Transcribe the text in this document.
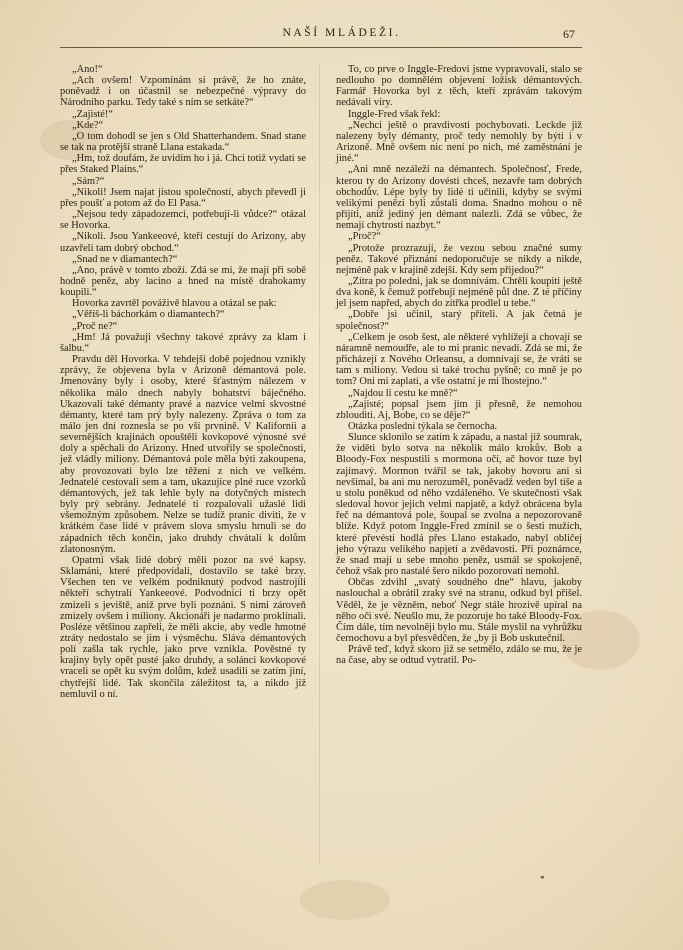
NAŠÍ MLÁDEŽI.	67

„Ano!“

„Ach ovšem! Vzpomínám si právě, že ho znáte, poněvadž i on účastnil se nebezpečné výpravy do Národního parku. Tedy také s ním se setkáte?“

„Zajisté!“

„Kde?“

„O tom dohodl se jen s Old Shatterhandem. Snad stane se tak na protější straně Llana estakada.“

„Hm, tož doufám, že uvidím ho i já. Chci totiž vydati se přes Staked Plains.“

„Sám?“

„Nikoli! Jsem najat jistou společností, abych převedl ji přes poušť a potom až do El Pasa.“

„Nejsou tedy západozemci, potřebují-li vůdce?“ otázal se Hovorka.

„Nikoli. Jsou Yankeeové, kteří cestují do Arizony, aby uzavřeli tam dobrý obchod.“

„Snad ne v diamantech?“

„Ano, právě v tomto zboží. Zdá se mi, že mají při sobě hodně peněz, aby lacino a hned na místě drahokamy koupili.“

Hovorka zavrtěl pováživě hlavou a otázal se pak:

„Věříš-li báchorkám o diamantech?“

„Proč ne?“

„Hm! Já považuji všechny takové zprávy za klam i šalbu.“

Pravdu děl Hovorka. V tehdejší době pojednou vznikly zprávy, že objevena byla v Arizoně démantová pole. Jmenovány byly i osoby, které šťastným nálezem v několika málo dnech nabyly bohatství báječného. Ukazovali také démanty pravé a nazvíce velmi skvostné démanty, které tam prý byly nalezeny. Zpráva o tom za málo jen dní roznesla se po vší prvnině. V Kalifornii a severnějších krajinách opouštěli kovkopové výnosné své doly a spěchali do Arizony. Hned utvořily se společnosti, jež vládly miliony. Démantová pole měla býti zakoupena, aby provozovati bylo lze těžení z nich ve velkém. Jednatelé cestovali sem a tam, ukazujíce plné ruce vzorků démantových, jež tak lehle byly na dotyčných místech byly prý sebrány. Jednatelé ti rozpalovali užaslé lidi všemožným způsobem. Nelze se tudíž pranic diviti, že v krátkém čase lidé v právem slova smyslu hrnuli se do západních těch končin, jako druhdy chvátali k dolům zlatonosným.

Opatrní však lidé dobrý měli pozor na své kapsy. Sklamáni, které předpovídali, dostavilo se také brzy. Všechen ten ve velkém podniknutý podvod nastrojili někteří schytralí Yankeeové. Podvodníci ti brzy opět zmizeli s jeviště, aniž prve byli poznáni. S nimi zároveň zmizely ovšem i miliony. Akcionáři je nadarmo proklínali. Posléze většinou zapřeli, že měli akcie, aby vedle hmotné ztráty nedostalo se jim i výsměchu. Sláva démantových polí zašla tak rychle, jako prve vznikla. Pověstné ty krajiny byly opět pusté jako druhdy, a solánci kovkopové vraceli se opět ku svým dolům, kdež usadili se zatím jiní, chytřejší lidé. Tak skončila záležitost ta, a nikdo již nemluvil o ní.

To, co prve o Inggle-Fredovi jsme vypravovali, stalo se nedlouho po domnělém objevení ložisk démantových. Farmář Hovorka byl z těch, kteří zprávám takovým nedávali víry.

Inggle-Fred však řekl:

„Nechci ještě o pravdivosti pochybovati. Leckde již nalezeny byly démanty, proč tedy nemohly by býti i v Arizoně. Mně ovšem nic není po nich, mé zaměstnání je jiné.“

„Ani mně nezáleží na démantech. Společnosť, Frede, kterou ty do Arizony dovésti chceš, nezavře tam dobrých obchodův. Lépe byly by lidé ti učinili, kdyby se svými velikými penězi byli zůstali doma. Snadno mohou o ně přijíti, aniž jediný jen démant nalezli. Zdá se vůbec, že nemají chytrosti nazbyt.“

„Proč?“

„Protože prozrazují, že vezou sebou značné sumy peněz. Takové přiznání nedoporučuje se nikdy a nikde, nejméně pak v krajině zdejší. Kdy sem přijedou?“

„Zítra po poledni, jak se domnívám. Chtěli koupiti ještě dva koně, k čemuž potřebují nejméně půl dne. Z té příčiny jel jsem napřed, abych do zítřka prodlel u tebe.“

„Dobře jsi učinil, starý příteli. A jak četná je společnost?“

„Celkem je osob šest, ale některé vyhlížejí a chovají se náramně nemoudře, ale to mi pranic nevadí. Zdá se mi, že přicházejí z Nového Orleansu, a domnívají se, že vrátí se tam s miliony. Vedou si také trochu pyšně; co mně je po tom? Oni mi zaplatí, a vše ostatní je mi lhostejno.“

„Najdou li cestu ke mně?“

„Zajisté; popsal jsem jim ji přesně, že nemohou zblouditi. Aj, Bobe, co se děje?“

Otázka poslední týkala se černocha.

Slunce sklonilo se zatím k západu, a nastal již soumrak, že viděti bylo sotva na několik málo krokův. Bob a Bloody-Fox nespustili s mormona očí, ač hovor tuze byl zajímavý. Mormon tvářil se tak, jakoby hovoru ani si nevšímal, ba ani mu nerozuměl, poněvadž veden byl tiše a u stolu poněkud od něho vzdáleného. Ve skutečnosti však sledoval hovor jejich velmi napjatě, a když obrácena byla řeč na démantová pole, šoupal se zvolna a nepozorovaně blíže. Když potom Inggle-Fred zmínil se o šesti mužích, které převésti hodlá přes Llano estakado, nabyl obličej jeho výrazu velikého napjetí a zvědavosti. Při poznámce, že snad mají u sebe mnoho peněz, usmál se spokojeně, čehož však pro nastalé šero nikdo pozorovati nemohl.

Občas zdvihl „svatý soudného dne“ hlavu, jakoby naslouchal a obrátil zraky své na stranu, odkud byl přišel. Věděl, že je vězněm, neboť Negr stále hrozivě upíral na něho oči své. Neušlo mu, že pozoruje ho také Bloody-Fox. Čím dále, tím nevolněji bylo mu. Stále myslil na vyhrůžku černochovu a byl přesvědčen, že „by ji Bob uskutečnil.

Právě teď, když skoro již se setmělo, zdálo se mu, že je na čase, aby se odtud vytratil. Po-

*
